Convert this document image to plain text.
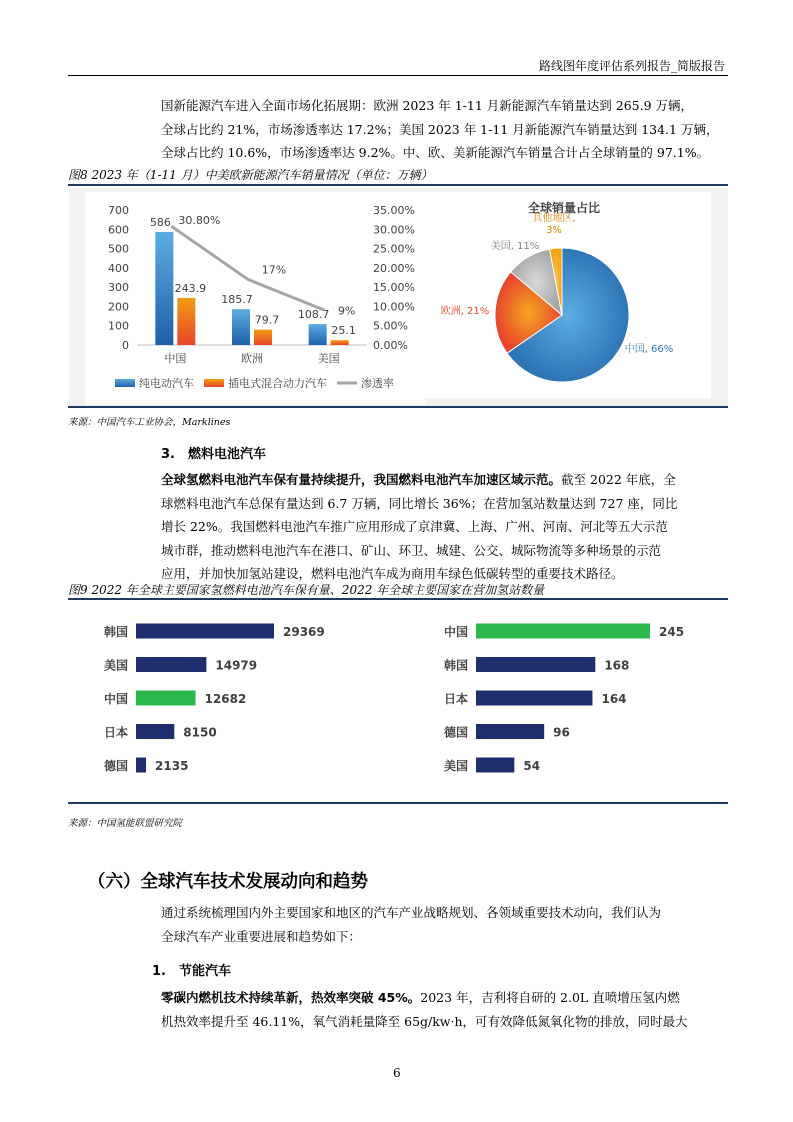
路线图年度评估系列报告_简版报告
国新能源汽车进入全面市场化拓展期：欧洲 2023 年 1-11 月新能源汽车销量达到 265.9 万辆，
全球占比约 21%，市场渗透率达 17.2%；美国 2023 年 1-11 月新能源汽车销量达到 134.1 万辆，
全球占比约 10.6%，市场渗透率达 9.2%。中、欧、美新能源汽车销量合计占全球销量的 97.1%。
图8 2023 年（1-11 月）中美欧新能源汽车销量情况（单位：万辆）
0
100
200
300
400
500
600
700
0.00%
5.00%
10.00%
15.00%
20.00%
25.00%
30.00%
35.00%
586
243.9
中国
185.7
79.7
欧洲
108.7
25.1
美国
30.80%
17%
9%
纯电动汽车	插电式混合动力汽车	渗透率
全球销量占比
中国, 66%
欧洲, 21%
美国, 11%
其他地区,
3%
来源：中国汽车工业协会，Marklines
3.　燃料电池汽车
全球氢燃料电池汽车保有量持续提升，我国燃料电池汽车加速区域示范。截至 2022 年底，全
球燃料电池汽车总保有量达到 6.7 万辆，同比增长 36%；在营加氢站数量达到 727 座，同比
增长 22%。我国燃料电池汽车推广应用形成了京津冀、上海、广州、河南、河北等五大示范
城市群，推动燃料电池汽车在港口、矿山、环卫、城建、公交、城际物流等多种场景的示范
应用，并加快加氢站建设，燃料电池汽车成为商用车绿色低碳转型的重要技术路径。
图9 2022 年全球主要国家氢燃料电池汽车保有量、2022 年全球主要国家在营加氢站数量
韩国	29369
美国	14979
中国	12682
日本	8150
德国 2135
中国	245
韩国	168
日本	164
德国	96
美国	54
来源：中国氢能联盟研究院
（六）全球汽车技术发展动向和趋势
通过系统梳理国内外主要国家和地区的汽车产业战略规划、各领域重要技术动向，我们认为
全球汽车产业重要进展和趋势如下：
1.　节能汽车
零碳内燃机技术持续革新，热效率突破 45%。2023 年，吉利将自研的 2.0L 直喷增压氢内燃
机热效率提升至 46.11%，氧气消耗量降至 65g/kw·h，可有效降低氮氧化物的排放，同时最大
6
